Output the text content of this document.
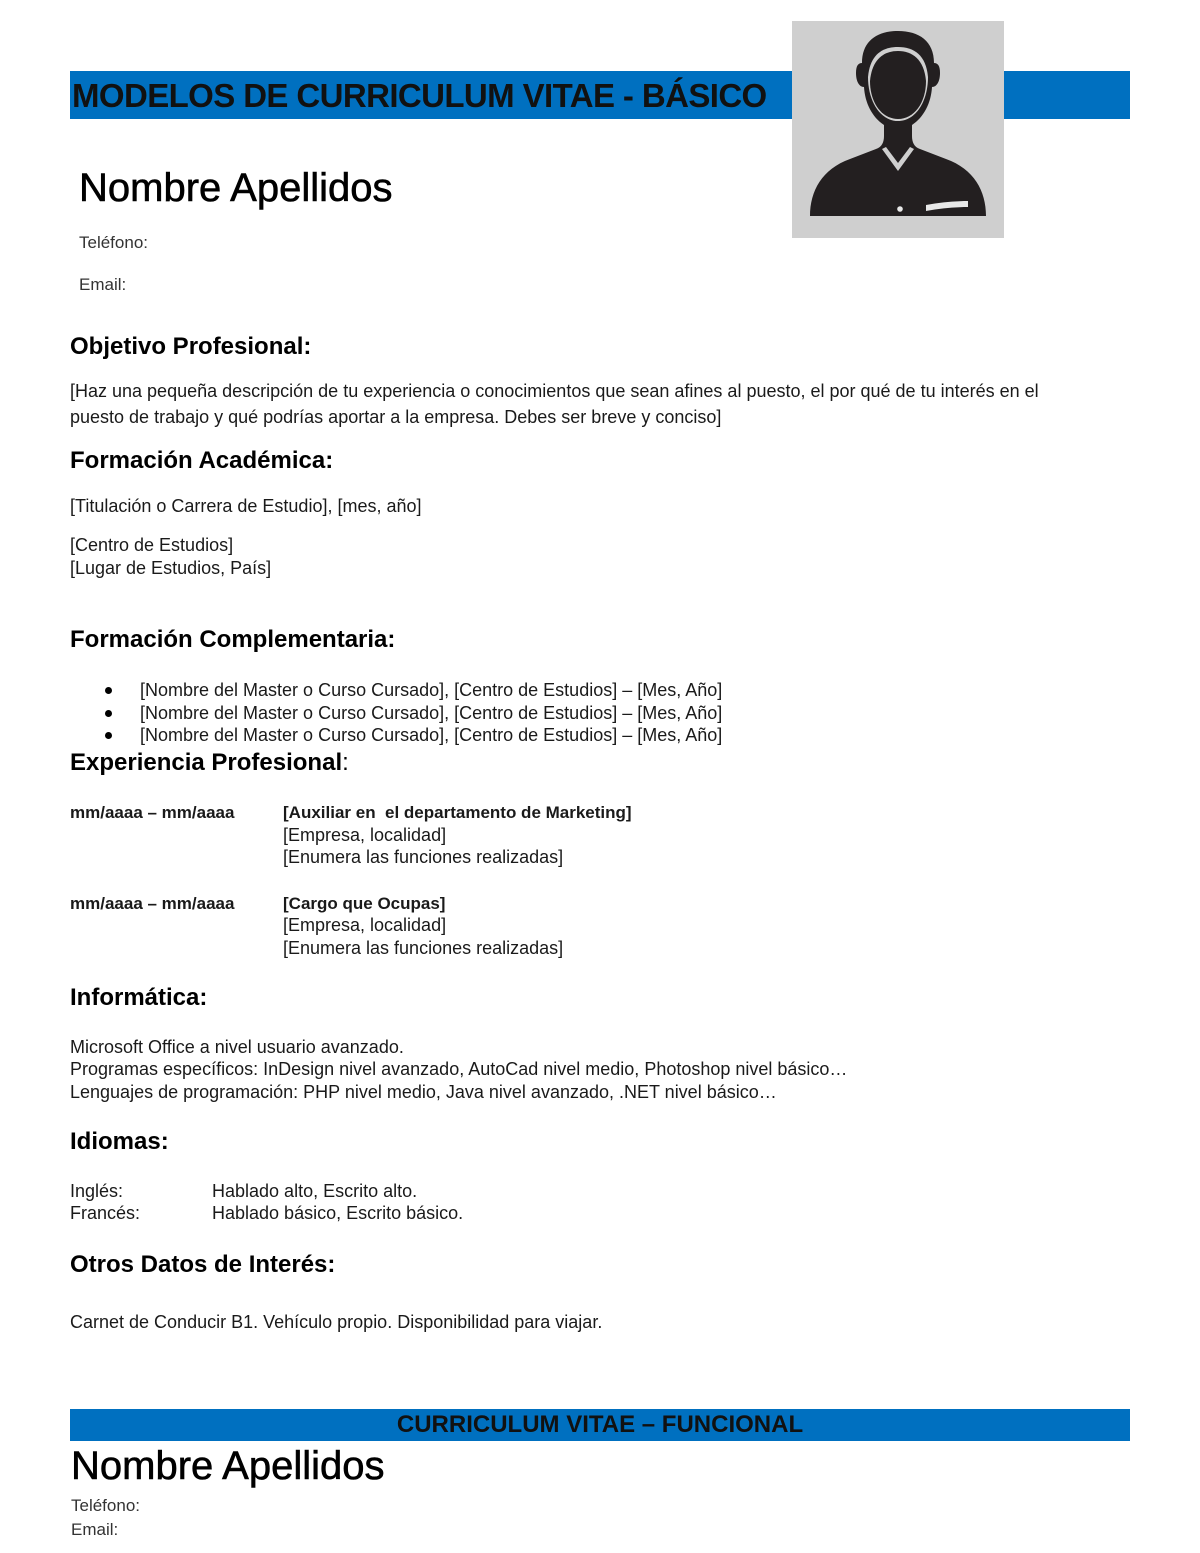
MODELOS DE CURRICULUM VITAE - BÁSICO
Nombre Apellidos
Teléfono:
Email:
Objetivo Profesional:
[Haz una pequeña descripción de tu experiencia o conocimientos que sean afines al puesto, el por qué de tu interés en el
puesto de trabajo y qué podrías aportar a la empresa. Debes ser breve y conciso]
Formación Académica:
[Titulación o Carrera de Estudio], [mes, año]
[Centro de Estudios]
[Lugar de Estudios, País]
Formación Complementaria:
[Nombre del Master o Curso Cursado], [Centro de Estudios] – [Mes, Año]
[Nombre del Master o Curso Cursado], [Centro de Estudios] – [Mes, Año]
[Nombre del Master o Curso Cursado], [Centro de Estudios] – [Mes, Año]
Experiencia Profesional:
mm/aaaa – mm/aaaa	[Auxiliar en  el departamento de Marketing]
[Empresa, localidad]
[Enumera las funciones realizadas]
mm/aaaa – mm/aaaa	[Cargo que Ocupas]
[Empresa, localidad]
[Enumera las funciones realizadas]
Informática:
Microsoft Office a nivel usuario avanzado.
Programas específicos: InDesign nivel avanzado, AutoCad nivel medio, Photoshop nivel básico…
Lenguajes de programación: PHP nivel medio, Java nivel avanzado, .NET nivel básico…
Idiomas:
Inglés:	Hablado alto, Escrito alto.
Francés:	Hablado básico, Escrito básico.
Otros Datos de Interés:
Carnet de Conducir B1. Vehículo propio. Disponibilidad para viajar.
CURRICULUM VITAE – FUNCIONAL
Nombre Apellidos
Teléfono:
Email:
